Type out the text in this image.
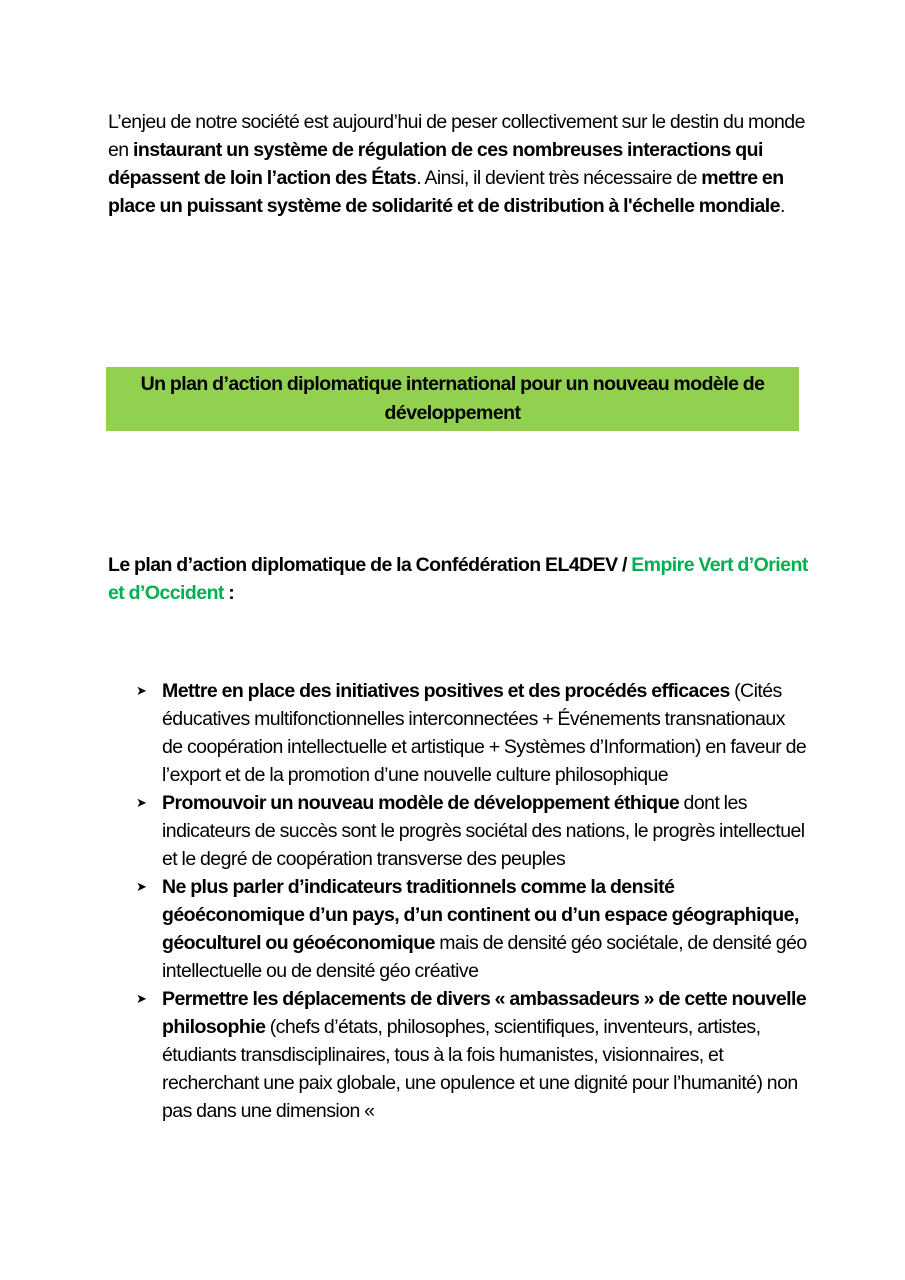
L’enjeu de notre société est aujourd’hui de peser collectivement sur le destin du monde en instaurant un système de régulation de ces nombreuses interactions qui dépassent de loin l’action des États. Ainsi, il devient très nécessaire de mettre en place un puissant système de solidarité et de distribution à l'échelle mondiale.

Un plan d’action diplomatique international pour un nouveau modèle de développement

Le plan d’action diplomatique de la Confédération EL4DEV / Empire Vert d’Orient et d’Occident :

➤ Mettre en place des initiatives positives et des procédés efficaces (Cités éducatives multifonctionnelles interconnectées + Événements transnationaux de coopération intellectuelle et artistique + Systèmes d’Information) en faveur de l’export et de la promotion d’une nouvelle culture philosophique
➤ Promouvoir un nouveau modèle de développement éthique dont les indicateurs de succès sont le progrès sociétal des nations, le progrès intellectuel et le degré de coopération transverse des peuples
➤ Ne plus parler d’indicateurs traditionnels comme la densité géoéconomique d’un pays, d’un continent ou d’un espace géographique, géoculturel ou géoéconomique mais de densité géo sociétale, de densité géo intellectuelle ou de densité géo créative
➤ Permettre les déplacements de divers « ambassadeurs » de cette nouvelle philosophie (chefs d’états, philosophes, scientifiques, inventeurs, artistes, étudiants transdisciplinaires, tous à la fois humanistes, visionnaires, et recherchant une paix globale, une opulence et une dignité pour l’humanité) non pas dans une dimension «
